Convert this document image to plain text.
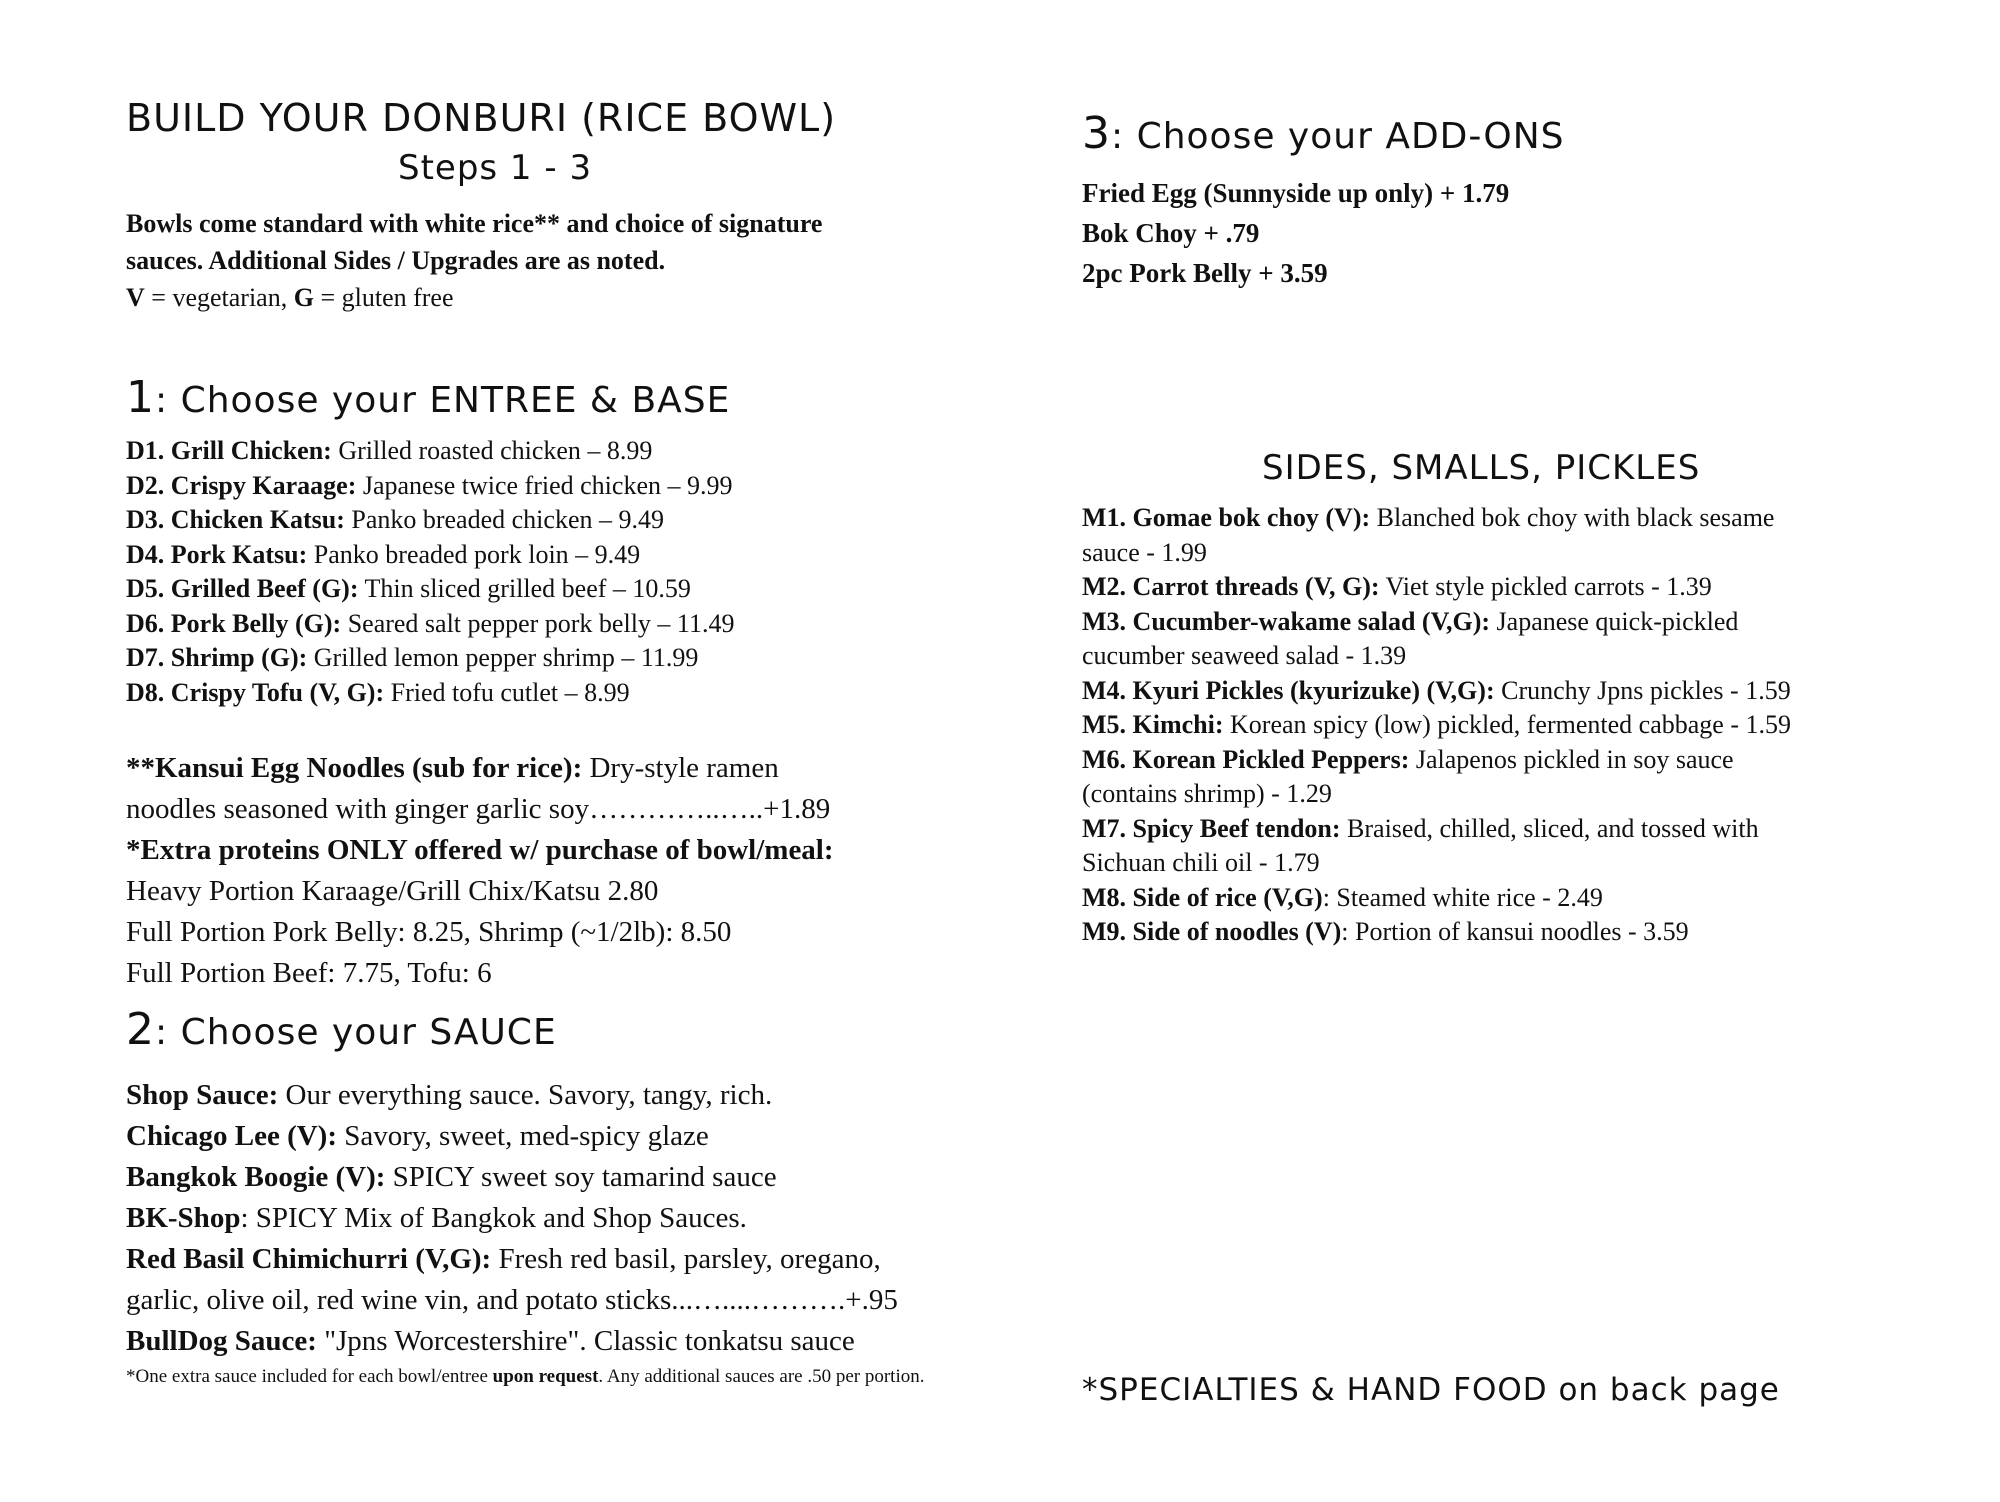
BUILD YOUR DONBURI (RICE BOWL)
Steps 1 - 3
Bowls come standard with white rice** and choice of signature
sauces. Additional Sides / Upgrades are as noted.
V = vegetarian, G = gluten free
1: Choose your ENTREE & BASE
D1. Grill Chicken: Grilled roasted chicken – 8.99
D2. Crispy Karaage: Japanese twice fried chicken – 9.99
D3. Chicken Katsu: Panko breaded chicken – 9.49
D4. Pork Katsu: Panko breaded pork loin – 9.49
D5. Grilled Beef (G): Thin sliced grilled beef – 10.59
D6. Pork Belly (G): Seared salt pepper pork belly – 11.49
D7. Shrimp (G): Grilled lemon pepper shrimp – 11.99
D8. Crispy Tofu (V, G): Fried tofu cutlet – 8.99
**Kansui Egg Noodles (sub for rice): Dry-style ramen
noodles seasoned with ginger garlic soy…………..…..+1.89
*Extra proteins ONLY offered w/ purchase of bowl/meal:
Heavy Portion Karaage/Grill Chix/Katsu 2.80
Full Portion Pork Belly: 8.25, Shrimp (~1/2lb): 8.50
Full Portion Beef: 7.75, Tofu: 6
2: Choose your SAUCE
Shop Sauce: Our everything sauce. Savory, tangy, rich.
Chicago Lee (V): Savory, sweet, med-spicy glaze
Bangkok Boogie (V): SPICY sweet soy tamarind sauce
BK-Shop: SPICY Mix of Bangkok and Shop Sauces.
Red Basil Chimichurri (V,G): Fresh red basil, parsley, oregano,
garlic, olive oil, red wine vin, and potato sticks...…....……….+.95
BullDog Sauce: "Jpns Worcestershire". Classic tonkatsu sauce
*One extra sauce included for each bowl/entree upon request. Any additional sauces are .50 per portion.
3: Choose your ADD-ONS
Fried Egg (Sunnyside up only) + 1.79
Bok Choy + .79
2pc Pork Belly + 3.59
SIDES, SMALLS, PICKLES
M1. Gomae bok choy (V): Blanched bok choy with black sesame
sauce - 1.99
M2. Carrot threads (V, G): Viet style pickled carrots - 1.39
M3. Cucumber-wakame salad (V,G): Japanese quick-pickled
cucumber seaweed salad - 1.39
M4. Kyuri Pickles (kyurizuke) (V,G): Crunchy Jpns pickles - 1.59
M5. Kimchi: Korean spicy (low) pickled, fermented cabbage - 1.59
M6. Korean Pickled Peppers: Jalapenos pickled in soy sauce
(contains shrimp) - 1.29
M7. Spicy Beef tendon: Braised, chilled, sliced, and tossed with
Sichuan chili oil - 1.79
M8. Side of rice (V,G): Steamed white rice - 2.49
M9. Side of noodles (V): Portion of kansui noodles - 3.59
*SPECIALTIES & HAND FOOD on back page
